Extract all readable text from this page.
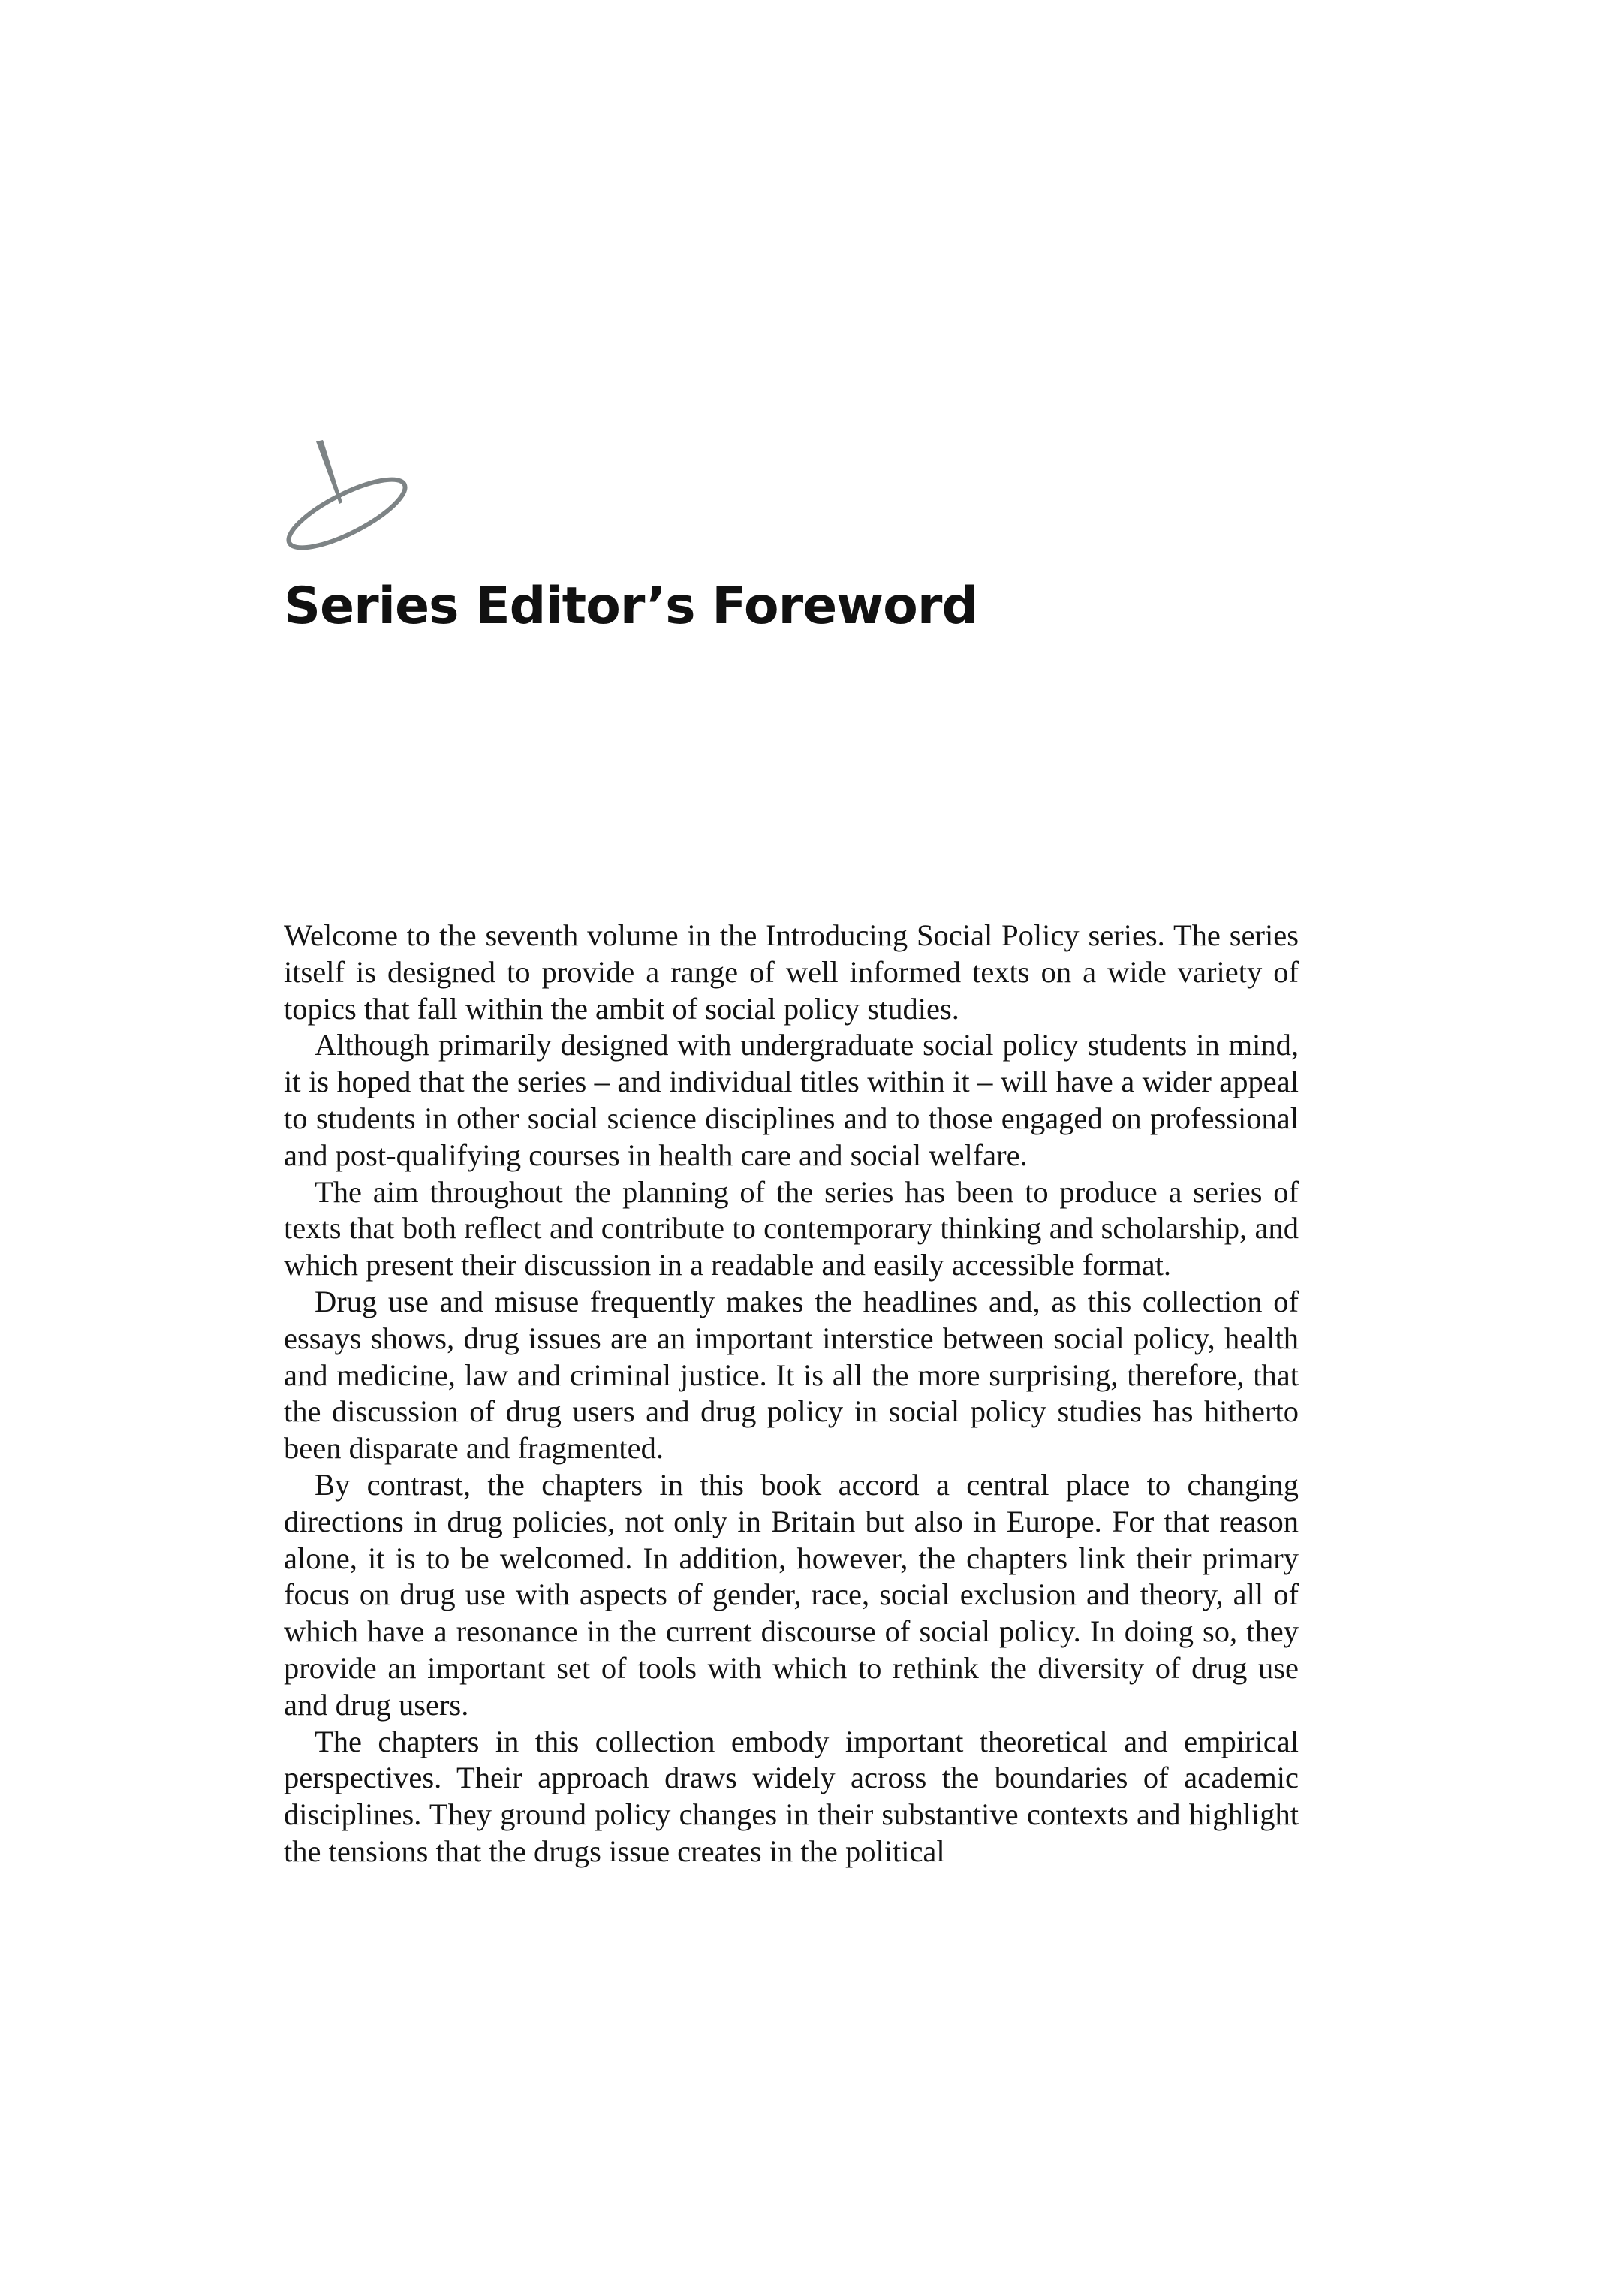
Series Editor’s Foreword

Welcome to the seventh volume in the Introducing Social Policy series. The series itself is designed to provide a range of well informed texts on a wide variety of topics that fall within the ambit of social policy studies.

Although primarily designed with undergraduate social policy students in mind, it is hoped that the series – and individual titles within it – will have a wider appeal to students in other social science disciplines and to those engaged on professional and post-qualifying courses in health care and social welfare.

The aim throughout the planning of the series has been to produce a series of texts that both reflect and contribute to contemporary thinking and scholarship, and which present their discussion in a readable and easily accessible format.

Drug use and misuse frequently makes the headlines and, as this collection of essays shows, drug issues are an important interstice between social policy, health and medicine, law and criminal justice. It is all the more surprising, therefore, that the discussion of drug users and drug policy in social policy studies has hitherto been disparate and fragmented.

By contrast, the chapters in this book accord a central place to changing directions in drug policies, not only in Britain but also in Europe. For that reason alone, it is to be welcomed. In addition, however, the chapters link their primary focus on drug use with aspects of gender, race, social exclusion and theory, all of which have a resonance in the current discourse of social policy. In doing so, they provide an important set of tools with which to rethink the diversity of drug use and drug users.

The chapters in this collection embody important theoretical and empirical perspectives. Their approach draws widely across the boundaries of academic disciplines. They ground policy changes in their substantive contexts and highlight the tensions that the drugs issue creates in the political
